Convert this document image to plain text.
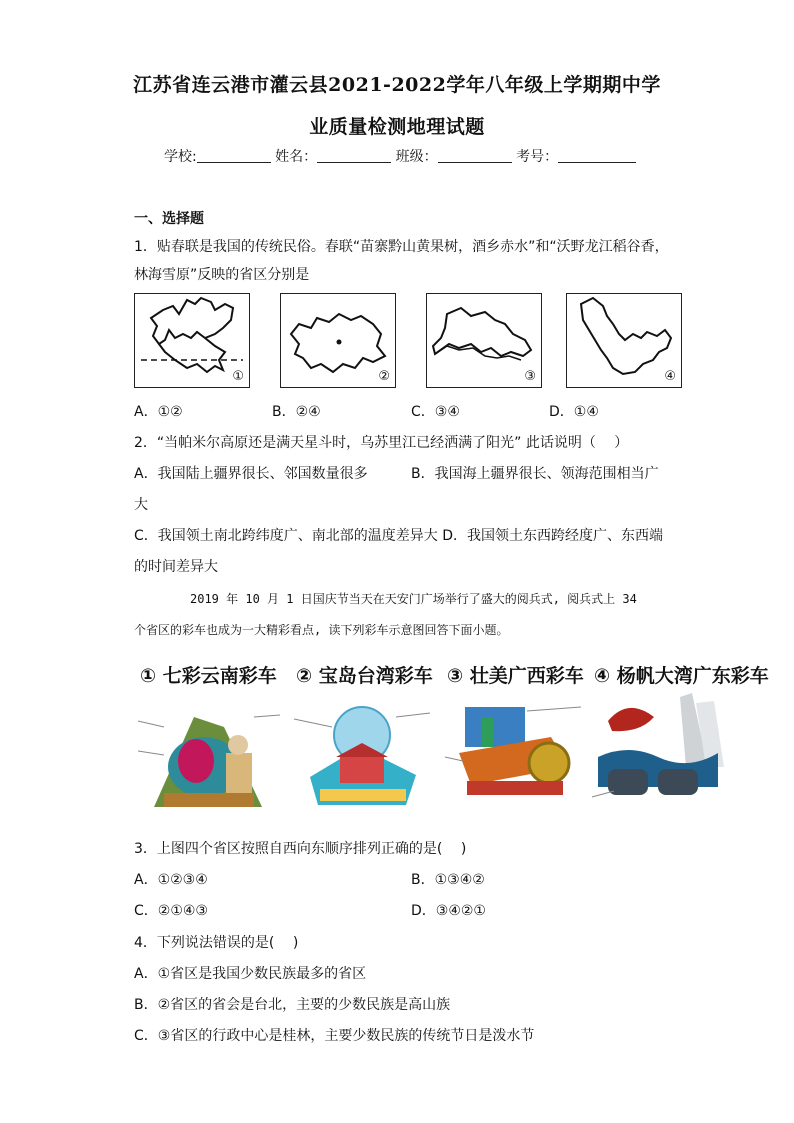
江苏省连云港市灌云县2021-2022学年八年级上学期期中学
业质量检测地理试题
学校:	姓名：	班级：	考号：
一、选择题
1．贴春联是我国的传统民俗。春联“苗寨黔山黄果树，酒乡赤水”和“沃野龙江稻谷香，
林海雪原”反映的省区分别是
①	②	③	④
A．①②	B．②④	C．③④	D．①④
2．“当帕米尔高原还是满天星斗时，乌苏里江已经洒满了阳光” 此话说明（　 ）
A．我国陆上疆界很长、邻国数量很多	B．我国海上疆界很长、领海范围相当广
大
C．我国领土南北跨纬度广、南北部的温度差异大 D．我国领土东西跨经度广、东西端
的时间差异大
2019 年 10 月 1 日国庆节当天在天安门广场举行了盛大的阅兵式, 阅兵式上 34
个省区的彩车也成为一大精彩看点, 读下列彩车示意图回答下面小题。
① 七彩云南彩车 ② 宝岛台湾彩车 ③ 壮美广西彩车 ④ 杨帆大湾广东彩车
3．上图四个省区按照自西向东顺序排列正确的是(　 )
A．①②③④	B．①③④②
C．②①④③	D．③④②①
4．下列说法错误的是(　 )
A．①省区是我国少数民族最多的省区
B．②省区的省会是台北，主要的少数民族是高山族
C．③省区的行政中心是桂林，主要少数民族的传统节日是泼水节
